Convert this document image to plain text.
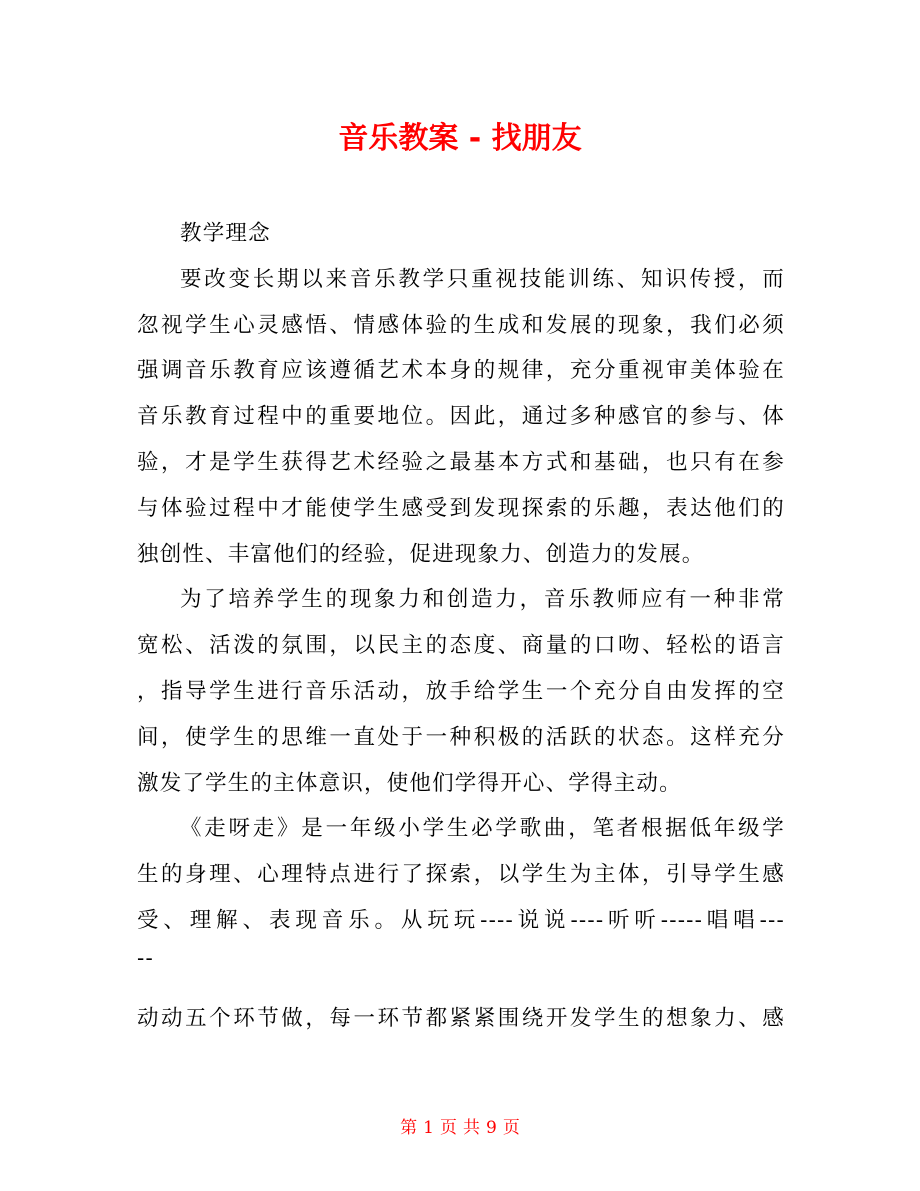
音乐教案 - 找朋友
教学理念
要改变长期以来音乐教学只重视技能训练、知识传授，而
忽视学生心灵感悟、情感体验的生成和发展的现象，我们必须
强调音乐教育应该遵循艺术本身的规律，充分重视审美体验在
音乐教育过程中的重要地位。因此，通过多种感官的参与、体
验，才是学生获得艺术经验之最基本方式和基础，也只有在参
与体验过程中才能使学生感受到发现探索的乐趣，表达他们的
独创性、丰富他们的经验，促进现象力、创造力的发展。
为了培养学生的现象力和创造力，音乐教师应有一种非常
宽松、活泼的氛围，以民主的态度、商量的口吻、轻松的语言
，指导学生进行音乐活动，放手给学生一个充分自由发挥的空
间，使学生的思维一直处于一种积极的活跃的状态。这样充分
激发了学生的主体意识，使他们学得开心、学得主动。
《走呀走》是一年级小学生必学歌曲，笔者根据低年级学
生的身理、心理特点进行了探索，以学生为主体，引导学生感
受、理解、表现音乐。从玩玩----说说----听听-----唱唱---
--
动动五个环节做，每一环节都紧紧围绕开发学生的想象力、感
第 1 页 共 9 页
